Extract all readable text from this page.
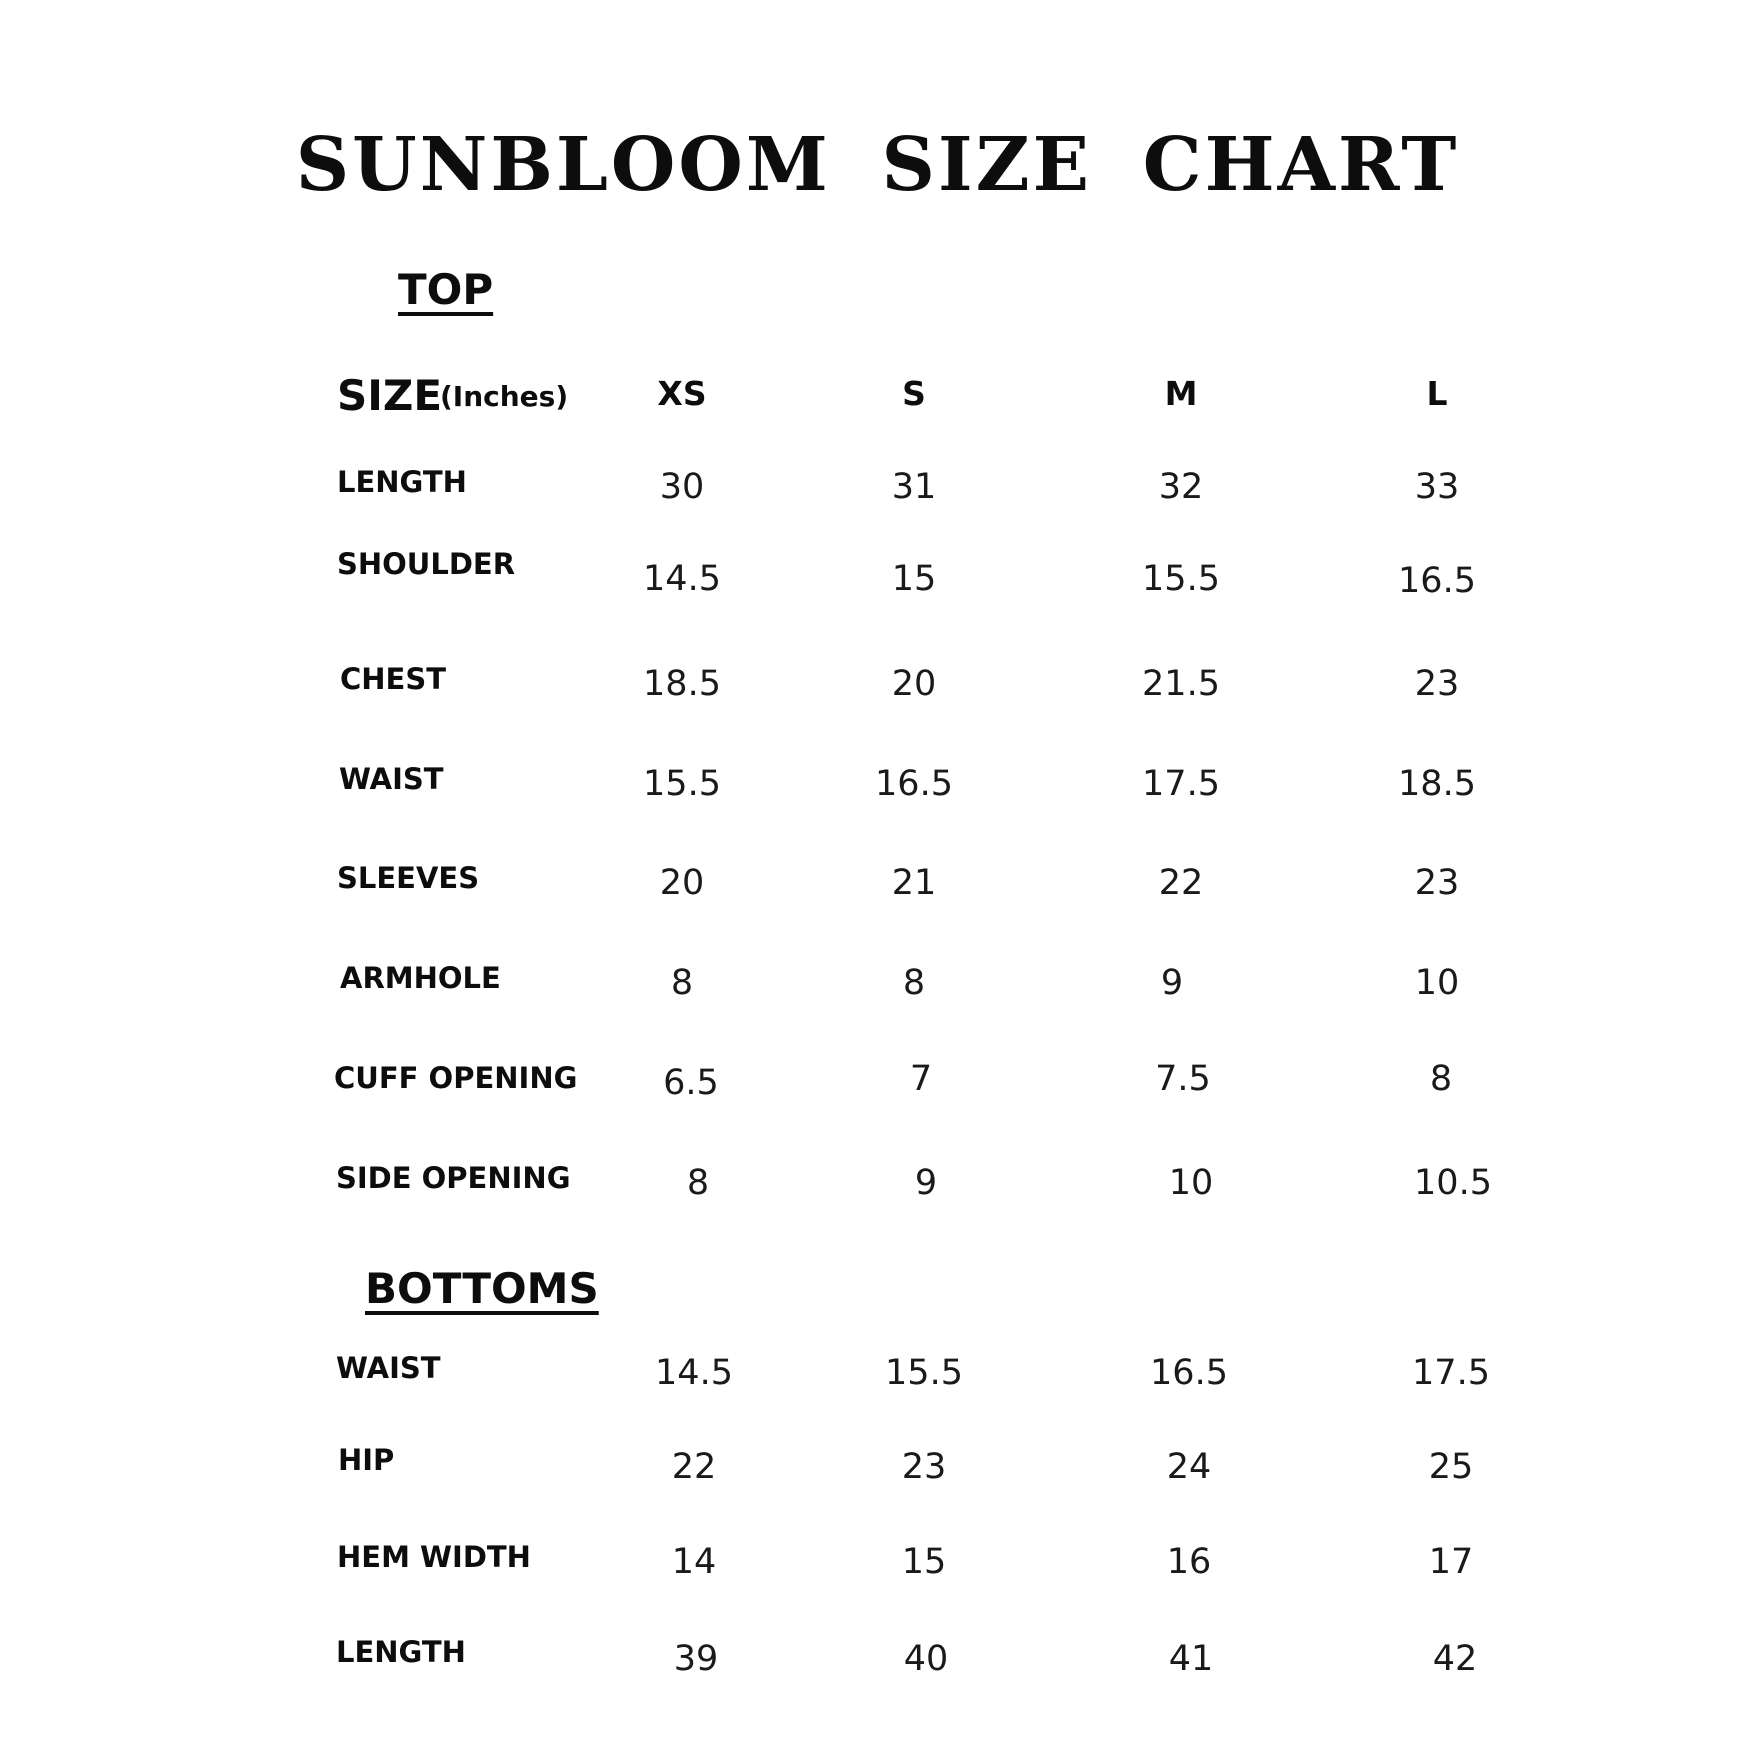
SUNBLOOM SIZE CHART
TOP
SIZE
(Inches)	XS	S	M	L
LENGTH	30	31	32	33
SHOULDER	14.5	15	15.5	16.5
CHEST	18.5	20	21.5	23
WAIST	15.5	16.5	17.5	18.5
SLEEVES	20	21	22	23
ARMHOLE	8	8	9	10
CUFF OPENING	6.5	7	7.5	8
SIDE OPENING	8	9	10	10.5
BOTTOMS
WAIST	14.5	15.5	16.5	17.5
HIP	22	23	24	25
HEM WIDTH	14	15	16	17
LENGTH	39	40	41	42
